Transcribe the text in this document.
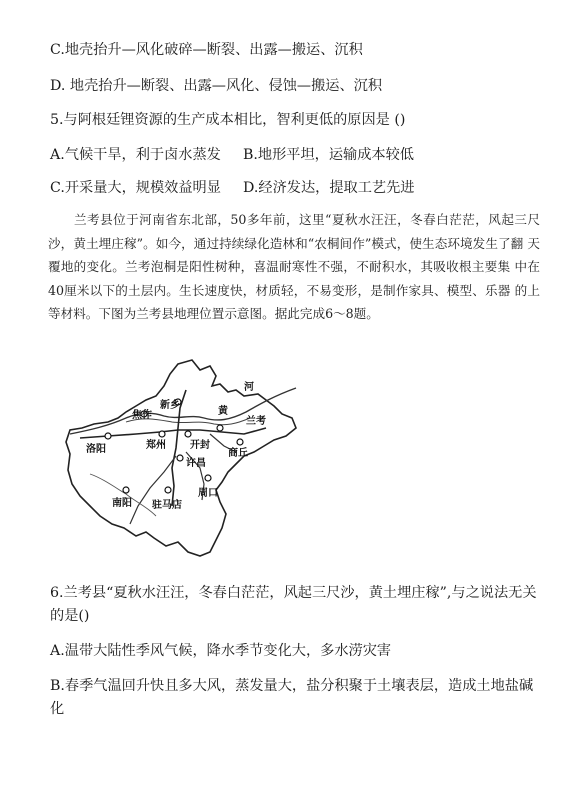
C.地壳抬升—风化破碎—断裂、出露—搬运、沉积
D. 地壳抬升—断裂、出露—风化、侵蚀—搬运、沉积
5.与阿根廷锂资源的生产成本相比，智利更低的原因是 ()
A.气候干旱，利于卤水蒸发 B.地形平坦，运输成本较低
C.开采量大，规模效益明显 D.经济发达，提取工艺先进
兰考县位于河南省东北部，50多年前，这里“夏秋水汪汪，冬春白茫茫，风起三尺 沙，黄土埋庄稼”。如今，通过持续绿化造林和“农桐间作”模式，使生态环境发生了翻 天覆地的变化。兰考泡桐是阳性树种，喜温耐寒性不强，不耐积水，其吸收根主要集 中在40厘米以下的土层内。生长速度快，材质轻，不易变形，是制作家具、模型、乐器 的上等材料。下图为兰考县地理位置示意图。据此完成6～8题。
河
黄
兰考
新乡
焦作
洛阳	郑州 开封
商丘
许昌
南阳 驻马店
周口
6.兰考县“夏秋水汪汪，冬春白茫茫，风起三尺沙，黄土埋庄稼”,与之说法无关的是()
A.温带大陆性季风气候，降水季节变化大，多水涝灾害
B.春季气温回升快且多大风，蒸发量大，盐分积聚于土壤表层，造成土地盐碱化
